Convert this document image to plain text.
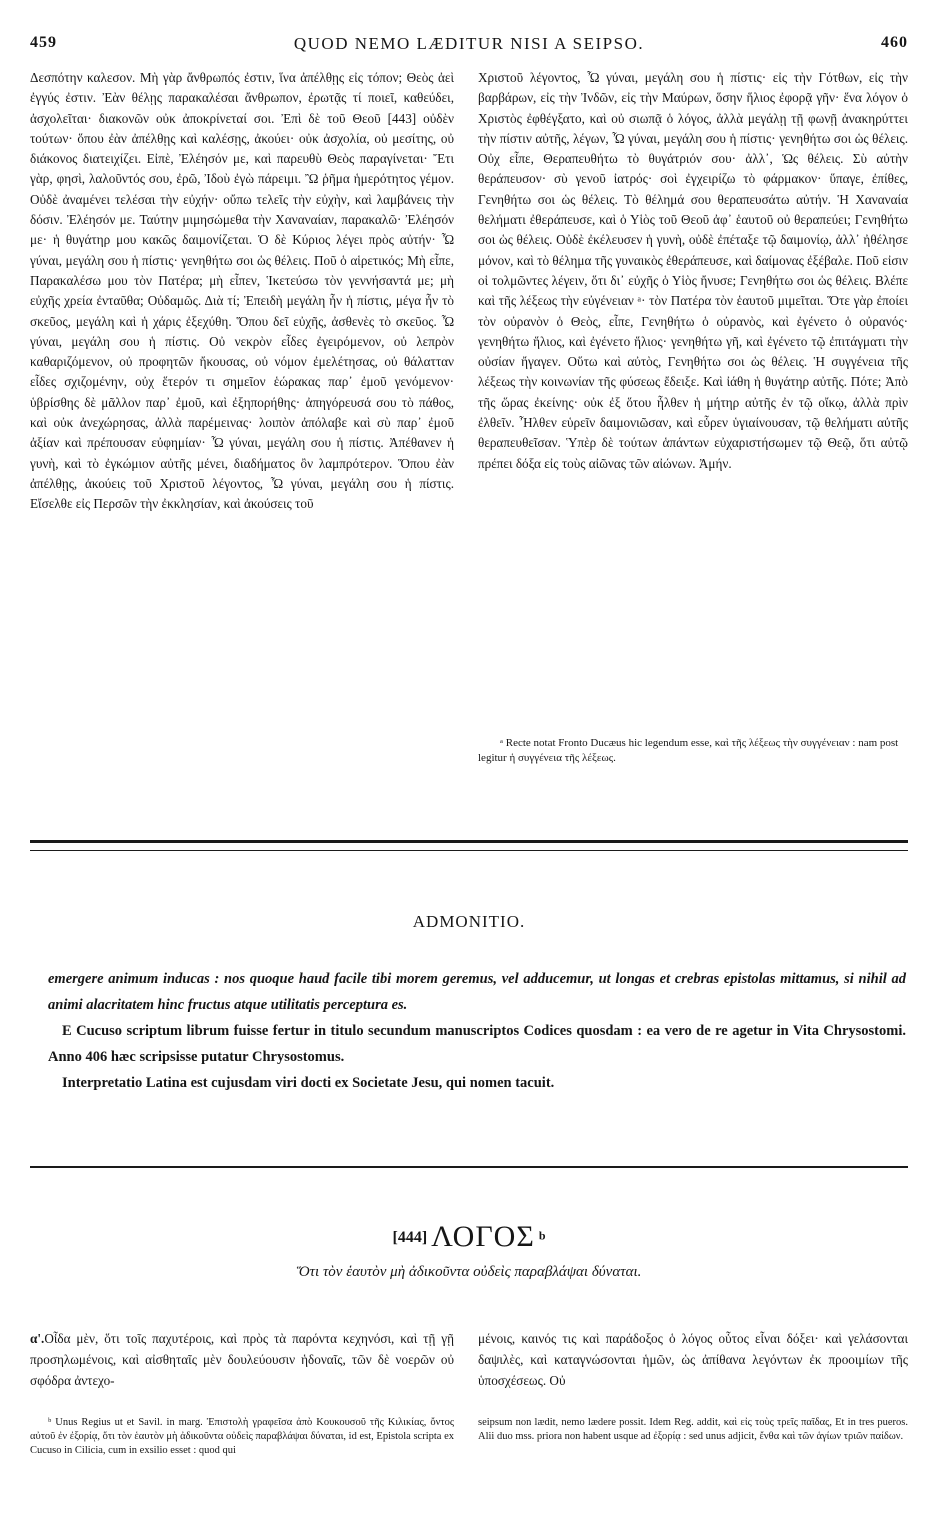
459	QUOD NEMO LÆDITUR NISI A SEIPSO.	460

Δεσπότην καλεσον. Μὴ γὰρ ἄνθρωπός ἐστιν, ἵνα ἀπέλθῃς εἰς τόπον; Θεὸς ἀεὶ ἐγγύς ἐστιν. Ἐὰν θέλῃς παρακαλέσαι ἄνθρωπον, ἐρωτᾷς τί ποιεῖ, καθεύδει, ἀσχολεῖται· διακονῶν οὐκ ἀποκρίνεταί σοι. Ἐπὶ δὲ τοῦ Θεοῦ [443] οὐδὲν τούτων· ὅπου ἐὰν ἀπέλθῃς καὶ καλέσῃς, ἀκούει· οὐκ ἀσχολία, οὐ μεσίτης, οὐ διάκονος διατειχίζει. Εἰπὲ, Ἐλέησόν με, καὶ παρευθὺ Θεὸς παραγίνεται· Ἔτι γὰρ, φησὶ, λαλοῦντός σου, ἐρῶ, Ἰδοὺ ἐγὼ πάρειμι. Ὢ ῥῆμα ἡμερότητος γέμον. Οὐδὲ ἀναμένει τελέσαι τὴν εὐχήν· οὔπω τελεῖς τὴν εὐχὴν, καὶ λαμβάνεις τὴν δόσιν. Ἐλέησόν με. Ταύτην μιμησώμεθα τὴν Χαναναίαν, παρακαλῶ· Ἐλέησόν με· ἡ θυγάτηρ μου κακῶς δαιμονίζεται. Ὁ δὲ Κύριος λέγει πρὸς αὐτήν· Ὦ γύναι, μεγάλη σου ἡ πίστις· γενηθήτω σοι ὡς θέλεις. Ποῦ ὁ αἱρετικός; Μὴ εἶπε, Παρακαλέσω μου τὸν Πατέρα; μὴ εἶπεν, Ἱκετεύσω τὸν γεννήσαντά με; μὴ εὐχῆς χρεία ἐνταῦθα; Οὐδαμῶς. Διὰ τί; Ἐπειδὴ μεγάλη ἦν ἡ πίστις, μέγα ἦν τὸ σκεῦος, μεγάλη καὶ ἡ χάρις ἐξεχύθη. Ὅπου δεῖ εὐχῆς, ἀσθενὲς τὸ σκεῦος. Ὦ γύναι, μεγάλη σου ἡ πίστις. Οὐ νεκρὸν εἶδες ἐγειρόμενον, οὐ λεπρὸν καθαριζόμενον, οὐ προφητῶν ἤκουσας, οὐ νόμον ἐμελέτησας, οὐ θάλατταν εἶδες σχιζομένην, οὐχ ἕτερόν τι σημεῖον ἑώρακας παρ᾽ ἐμοῦ γενόμενον· ὑβρίσθης δὲ μᾶλλον παρ᾽ ἐμοῦ, καὶ ἐξηπορήθης· ἀπηγόρευσά σου τὸ πάθος, καὶ οὐκ ἀνεχώρησας, ἀλλὰ παρέμεινας· λοιπὸν ἀπόλαβε καὶ σὺ παρ᾽ ἐμοῦ ἀξίαν καὶ πρέπουσαν εὐφημίαν· Ὦ γύναι, μεγάλη σου ἡ πίστις. Ἀπέθανεν ἡ γυνὴ, καὶ τὸ ἐγκώμιον αὐτῆς μένει, διαδήματος ὂν λαμπρότερον. Ὅπου ἐὰν ἀπέλθῃς, ἀκούεις τοῦ Χριστοῦ λέγοντος, Ὦ γύναι, μεγάλη σου ἡ πίστις. Εἴσελθε εἰς Περσῶν τὴν ἐκκλησίαν, καὶ ἀκούσεις τοῦ

Χριστοῦ λέγοντος, Ὦ γύναι, μεγάλη σου ἡ πίστις· εἰς τὴν Γότθων, εἰς τὴν βαρβάρων, εἰς τὴν Ἰνδῶν, εἰς τὴν Μαύρων, ὅσην ἥλιος ἐφορᾷ γῆν· ἕνα λόγον ὁ Χριστὸς ἐφθέγξατο, καὶ οὐ σιωπᾷ ὁ λόγος, ἀλλὰ μεγάλῃ τῇ φωνῇ ἀνακηρύττει τὴν πίστιν αὐτῆς, λέγων, Ὦ γύναι, μεγάλη σου ἡ πίστις· γενηθήτω σοι ὡς θέλεις. Οὐχ εἶπε, Θεραπευθήτω τὸ θυγάτριόν σου· ἀλλ᾽, Ὡς θέλεις. Σὺ αὐτὴν θεράπευσον· σὺ γενοῦ ἰατρός· σοὶ ἐγχειρίζω τὸ φάρμακον· ὕπαγε, ἐπίθες, Γενηθήτω σοι ὡς θέλεις. Τὸ θέλημά σου θεραπευσάτω αὐτήν. Ἡ Χαναναία θελήματι ἐθεράπευσε, καὶ ὁ Υἱὸς τοῦ Θεοῦ ἀφ᾽ ἑαυτοῦ οὐ θεραπεύει; Γενηθήτω σοι ὡς θέλεις. Οὐδὲ ἐκέλευσεν ἡ γυνὴ, οὐδὲ ἐπέταξε τῷ δαιμονίῳ, ἀλλ᾽ ἠθέλησε μόνον, καὶ τὸ θέλημα τῆς γυναικὸς ἐθεράπευσε, καὶ δαίμονας ἐξέβαλε. Ποῦ εἰσιν οἱ τολμῶντες λέγειν, ὅτι δι᾽ εὐχῆς ὁ Υἱὸς ἤνυσε; Γενηθήτω σοι ὡς θέλεις. Βλέπε καὶ τῆς λέξεως τὴν εὐγένειαν ᵃ· τὸν Πατέρα τὸν ἑαυτοῦ μιμεῖται. Ὅτε γὰρ ἐποίει τὸν οὐρανὸν ὁ Θεὸς, εἶπε, Γενηθήτω ὁ οὐρανὸς, καὶ ἐγένετο ὁ οὐρανός· γενηθήτω ἥλιος, καὶ ἐγένετο ἥλιος· γενηθήτω γῆ, καὶ ἐγένετο τῷ ἐπιτάγματι τὴν οὐσίαν ἤγαγεν. Οὕτω καὶ αὐτὸς, Γενηθήτω σοι ὡς θέλεις. Ἡ συγγένεια τῆς λέξεως τὴν κοινωνίαν τῆς φύσεως ἔδειξε. Καὶ ἰάθη ἡ θυγάτηρ αὐτῆς. Πότε; Ἀπὸ τῆς ὥρας ἐκείνης· οὐκ ἐξ ὅτου ἦλθεν ἡ μήτηρ αὐτῆς ἐν τῷ οἴκῳ, ἀλλὰ πρὶν ἐλθεῖν. Ἦλθεν εὑρεῖν δαιμονιῶσαν, καὶ εὗρεν ὑγιαίνουσαν, τῷ θελήματι αὐτῆς θεραπευθεῖσαν. Ὑπὲρ δὲ τούτων ἁπάντων εὐχαριστήσωμεν τῷ Θεῷ, ὅτι αὐτῷ πρέπει δόξα εἰς τοὺς αἰῶνας τῶν αἰώνων. Ἀμήν.

ᵃ Recte notat Fronto Ducæus hic legendum esse, καὶ τῆς λέξεως τὴν συγγένειαν : nam post legitur ἡ συγγένεια τῆς λέξεως.

ADMONITIO.

emergere animum inducas : nos quoque haud facile tibi morem geremus, vel adducemur, ut longas et crebras epistolas mittamus, si nihil ad animi alacritatem hinc fructus atque utilitatis perceptura es.

E Cucuso scriptum librum fuisse fertur in titulo secundum manuscriptos Codices quosdam : ea vero de re agetur in Vita Chrysostomi. Anno 406 hæc scripsisse putatur Chrysostomus.

Interpretatio Latina est cujusdam viri docti ex Societate Jesu, qui nomen tacuit.

[444] ΛΟΓΟΣ $^b$
Ὅτι τὸν ἑαυτὸν μὴ ἀδικοῦντα οὐδεὶς παραβλάψαι δύναται.

α'.Οἶδα μὲν, ὅτι τοῖς παχυτέροις, καὶ πρὸς τὰ παρόντα κεχηνόσι, καὶ τῇ γῇ προσηλωμένοις, καὶ αἰσθηταῖς μὲν δουλεύουσιν ἡδοναῖς, τῶν δὲ νοερῶν οὐ σφόδρα ἀντεχο-

μένοις, καινός τις καὶ παράδοξος ὁ λόγος οὗτος εἶναι δόξει· καὶ γελάσονται δαψιλὲς, καὶ καταγνώσονται ἡμῶν, ὡς ἀπίθανα λεγόντων ἐκ προοιμίων τῆς ὑποσχέσεως. Οὐ

ᵇ Unus Regius ut et Savil. in marg. Ἐπιστολὴ γραφεῖσα ἀπὸ Κουκουσοῦ τῆς Κιλικίας, ὄντος αὐτοῦ ἐν ἐξορίᾳ, ὅτι τὸν ἑαυτὸν μὴ ἀδικοῦντα οὐδεὶς παραβλάψαι δύναται, id est, Epistola scripta ex Cucuso in Cilicia, cum in exsilio esset : quod qui

seipsum non lædit, nemo lædere possit. Idem Reg. addit, καὶ εἰς τοὺς τρεῖς παῖδας, Et in tres pueros. Alii duo mss. priora non habent usque ad ἐξορίᾳ : sed unus adjicit, ἔνθα καὶ τῶν ἁγίων τριῶν παίδων.
